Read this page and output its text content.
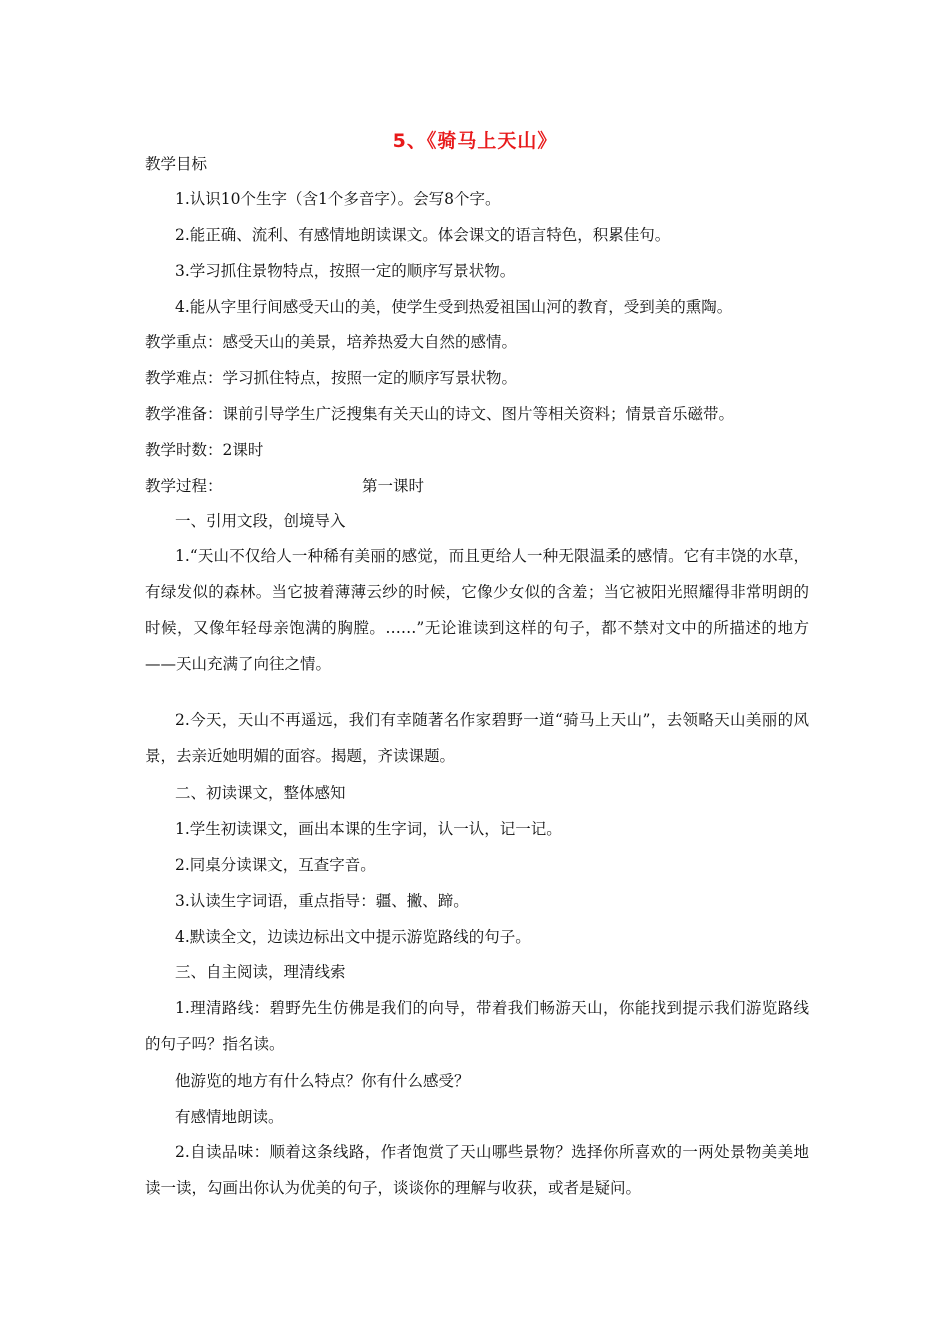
5、《骑马上天山》
教学目标
1.认识10个生字（含1个多音字）。会写8个字。
2.能正确、流利、有感情地朗读课文。体会课文的语言特色，积累佳句。
3.学习抓住景物特点，按照一定的顺序写景状物。
4.能从字里行间感受天山的美，使学生受到热爱祖国山河的教育，受到美的熏陶。
教学重点：感受天山的美景，培养热爱大自然的感情。
教学难点：学习抓住特点，按照一定的顺序写景状物。
教学准备：课前引导学生广泛搜集有关天山的诗文、图片等相关资料；情景音乐磁带。
教学时数：2课时
教学过程：	第一课时
一、引用文段，创境导入
1.“天山不仅给人一种稀有美丽的感觉，而且更给人一种无限温柔的感情。它有丰饶的水草，有绿发似的森林。当它披着薄薄云纱的时候，它像少女似的含羞；当它被阳光照耀得非常明朗的时候，又像年轻母亲饱满的胸膛。……”无论谁读到这样的句子，都不禁对文中的所描述的地方——天山充满了向往之情。
2.今天，天山不再遥远，我们有幸随著名作家碧野一道“骑马上天山”，去领略天山美丽的风景，去亲近她明媚的面容。揭题，齐读课题。
二、初读课文，整体感知
1.学生初读课文，画出本课的生字词，认一认，记一记。
2.同桌分读课文，互查字音。
3.认读生字词语，重点指导：疆、撇、蹄。
4.默读全文，边读边标出文中提示游览路线的句子。
三、自主阅读，理清线索
1.理清路线：碧野先生仿佛是我们的向导，带着我们畅游天山，你能找到提示我们游览路线的句子吗？指名读。
他游览的地方有什么特点？你有什么感受？
有感情地朗读。
2.自读品味：顺着这条线路，作者饱赏了天山哪些景物？选择你所喜欢的一两处景物美美地读一读，勾画出你认为优美的句子，谈谈你的理解与收获，或者是疑问。
